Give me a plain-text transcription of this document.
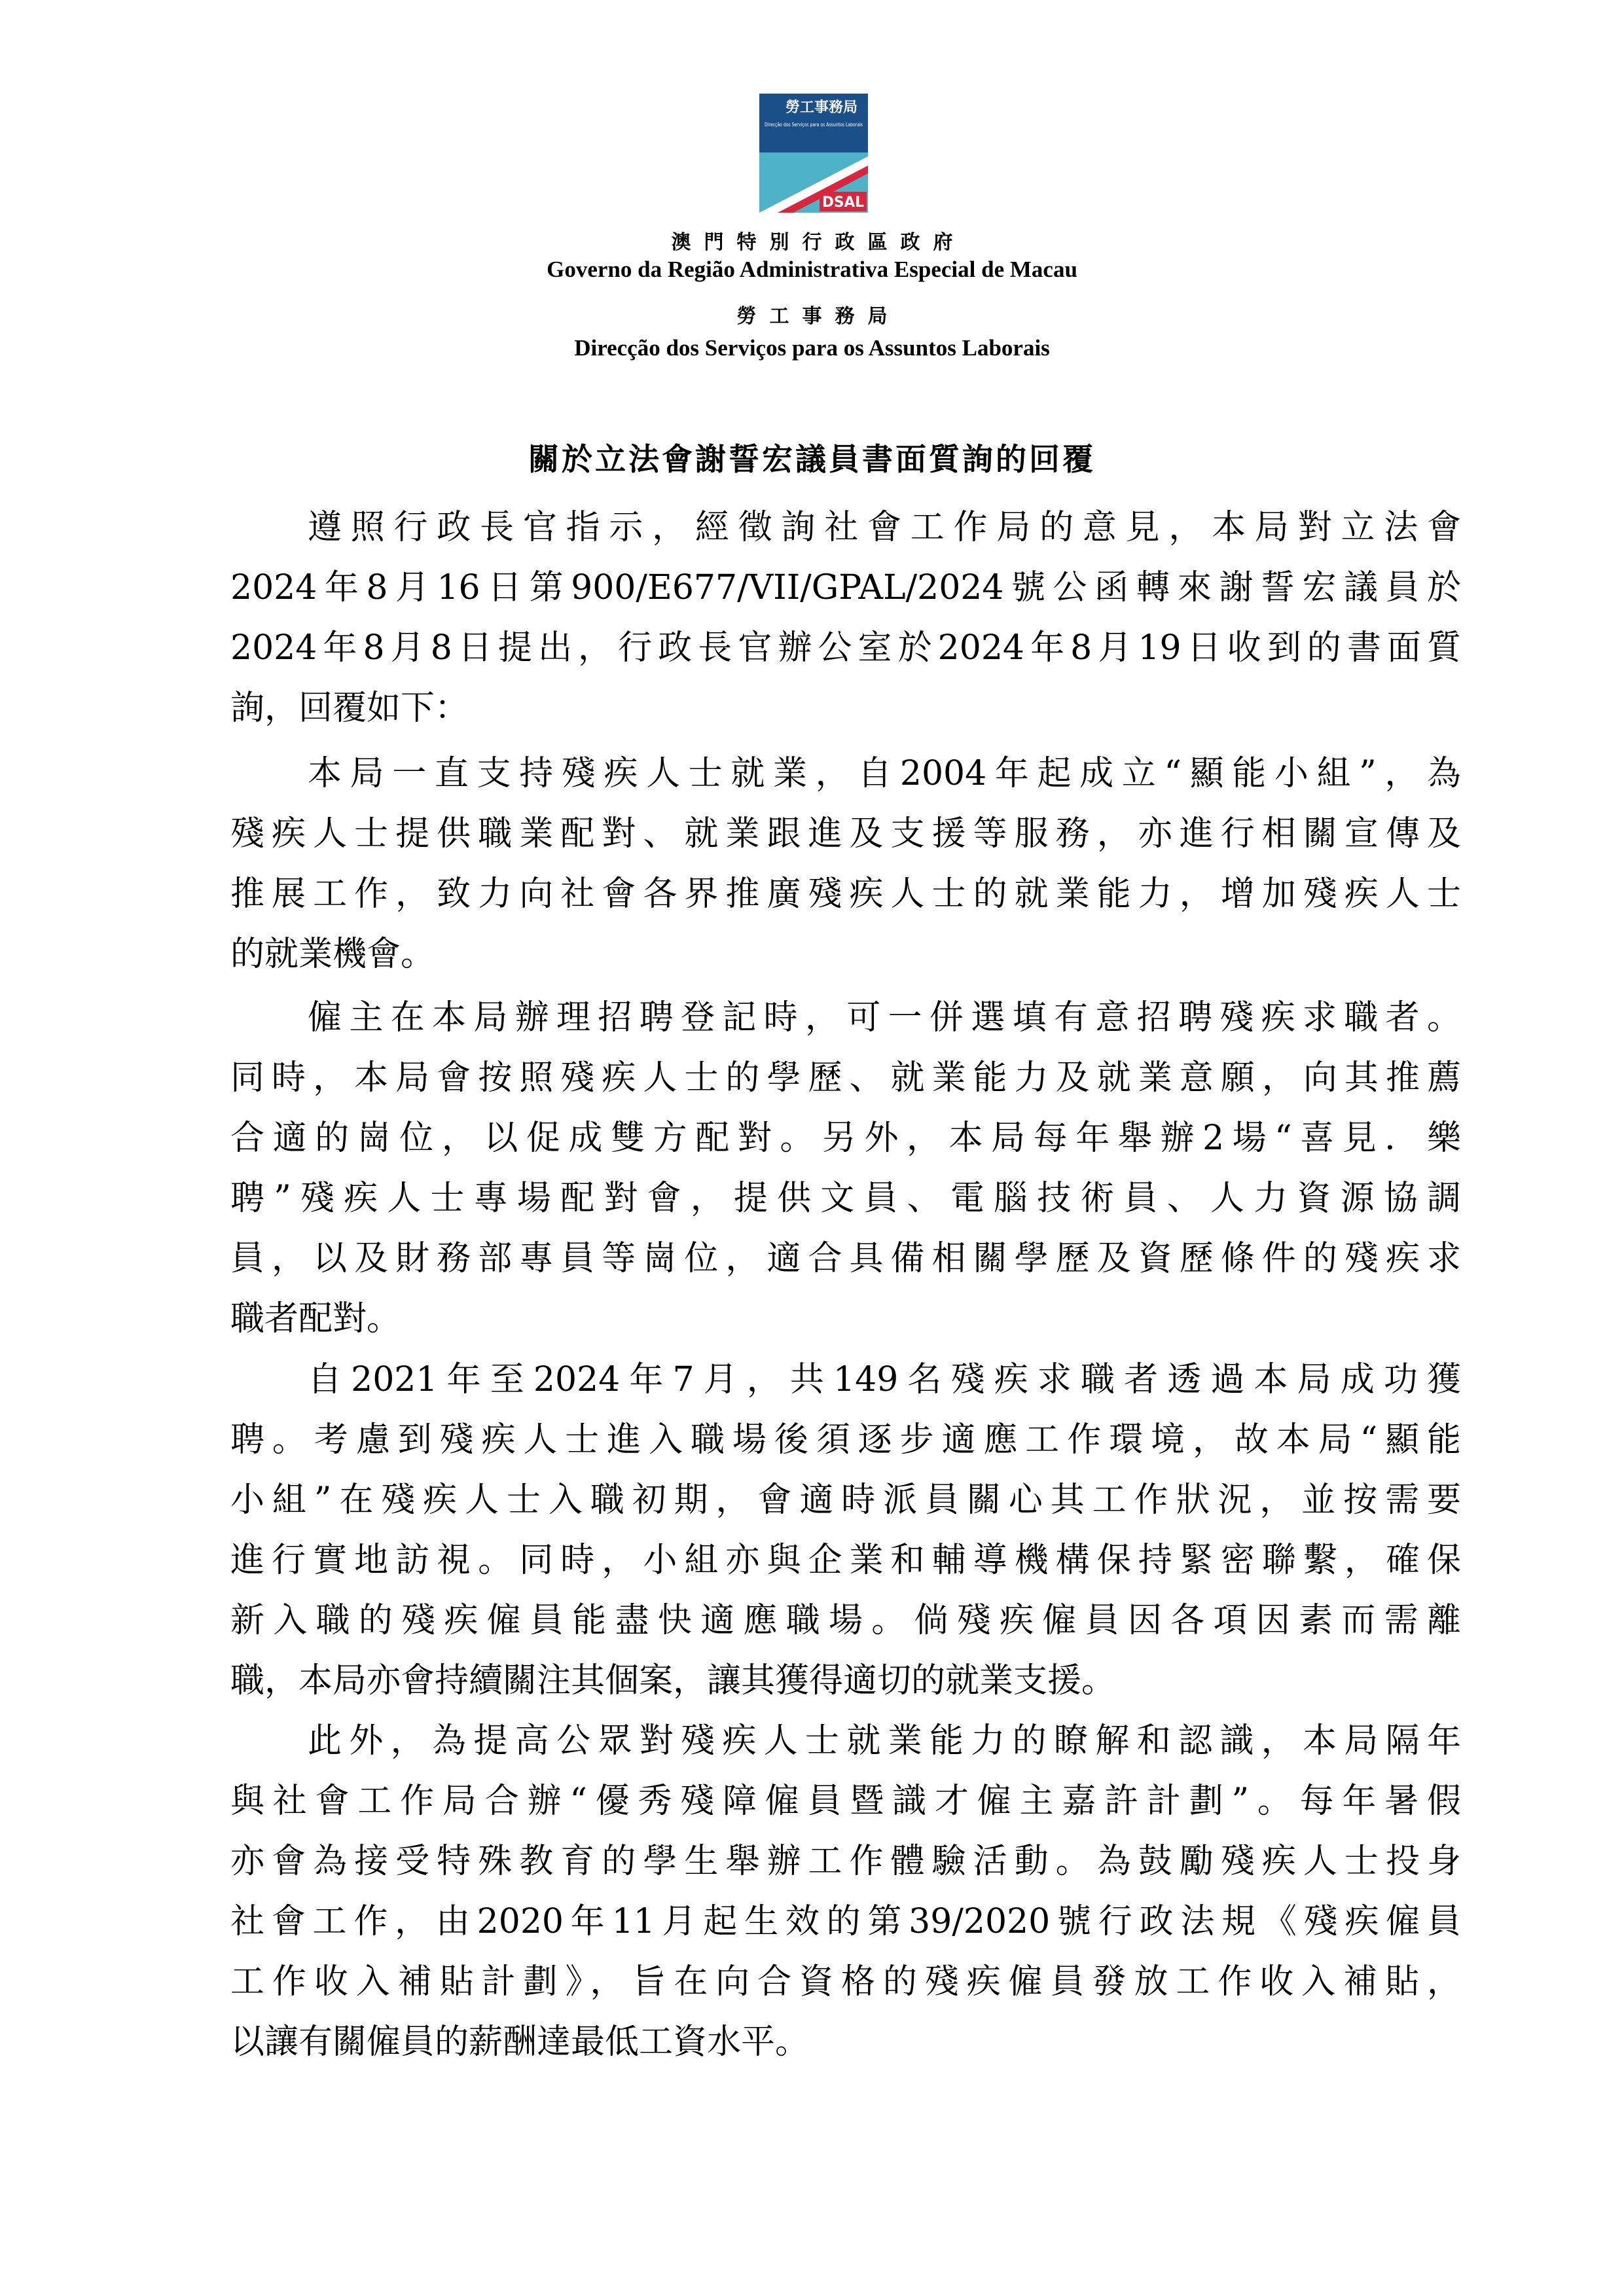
勞工事務局
Direcção dos Serviços para os Assuntos Laborais
DSAL
澳門特別行政區政府
Governo da Região Administrativa Especial de Macau
勞工事務局
Direcção dos Serviços para os Assuntos Laborais
關於立法會謝誓宏議員書面質詢的回覆
遵照行政長官指示，經徵詢社會工作局的意見，本局對立法會
2024年8月16日第900/E677/VII/GPAL/2024號公函轉來謝誓宏議員於
2024年8月8日提出，行政長官辦公室於2024年8月19日收到的書面質
詢，回覆如下：
本局一直支持殘疾人士就業，自2004年起成立“顯能小組”，為
殘疾人士提供職業配對、就業跟進及支援等服務，亦進行相關宣傳及
推展工作，致力向社會各界推廣殘疾人士的就業能力，增加殘疾人士
的就業機會。
僱主在本局辦理招聘登記時，可一併選填有意招聘殘疾求職者。
同時，本局會按照殘疾人士的學歷、就業能力及就業意願，向其推薦
合適的崗位，以促成雙方配對。另外，本局每年舉辦2場“喜見．樂
聘”殘疾人士專場配對會，提供文員、電腦技術員、人力資源協調
員，以及財務部專員等崗位，適合具備相關學歷及資歷條件的殘疾求
職者配對。
自2021年至2024年7月，共149名殘疾求職者透過本局成功獲
聘。考慮到殘疾人士進入職場後須逐步適應工作環境，故本局“顯能
小組”在殘疾人士入職初期，會適時派員關心其工作狀況，並按需要
進行實地訪視。同時，小組亦與企業和輔導機構保持緊密聯繫，確保
新入職的殘疾僱員能盡快適應職場。倘殘疾僱員因各項因素而需離
職，本局亦會持續關注其個案，讓其獲得適切的就業支援。
此外，為提高公眾對殘疾人士就業能力的瞭解和認識，本局隔年
與社會工作局合辦“優秀殘障僱員暨識才僱主嘉許計劃”。每年暑假
亦會為接受特殊教育的學生舉辦工作體驗活動。為鼓勵殘疾人士投身
社會工作，由2020年11月起生效的第39/2020號行政法規《殘疾僱員
工作收入補貼計劃》，旨在向合資格的殘疾僱員發放工作收入補貼，
以讓有關僱員的薪酬達最低工資水平。
